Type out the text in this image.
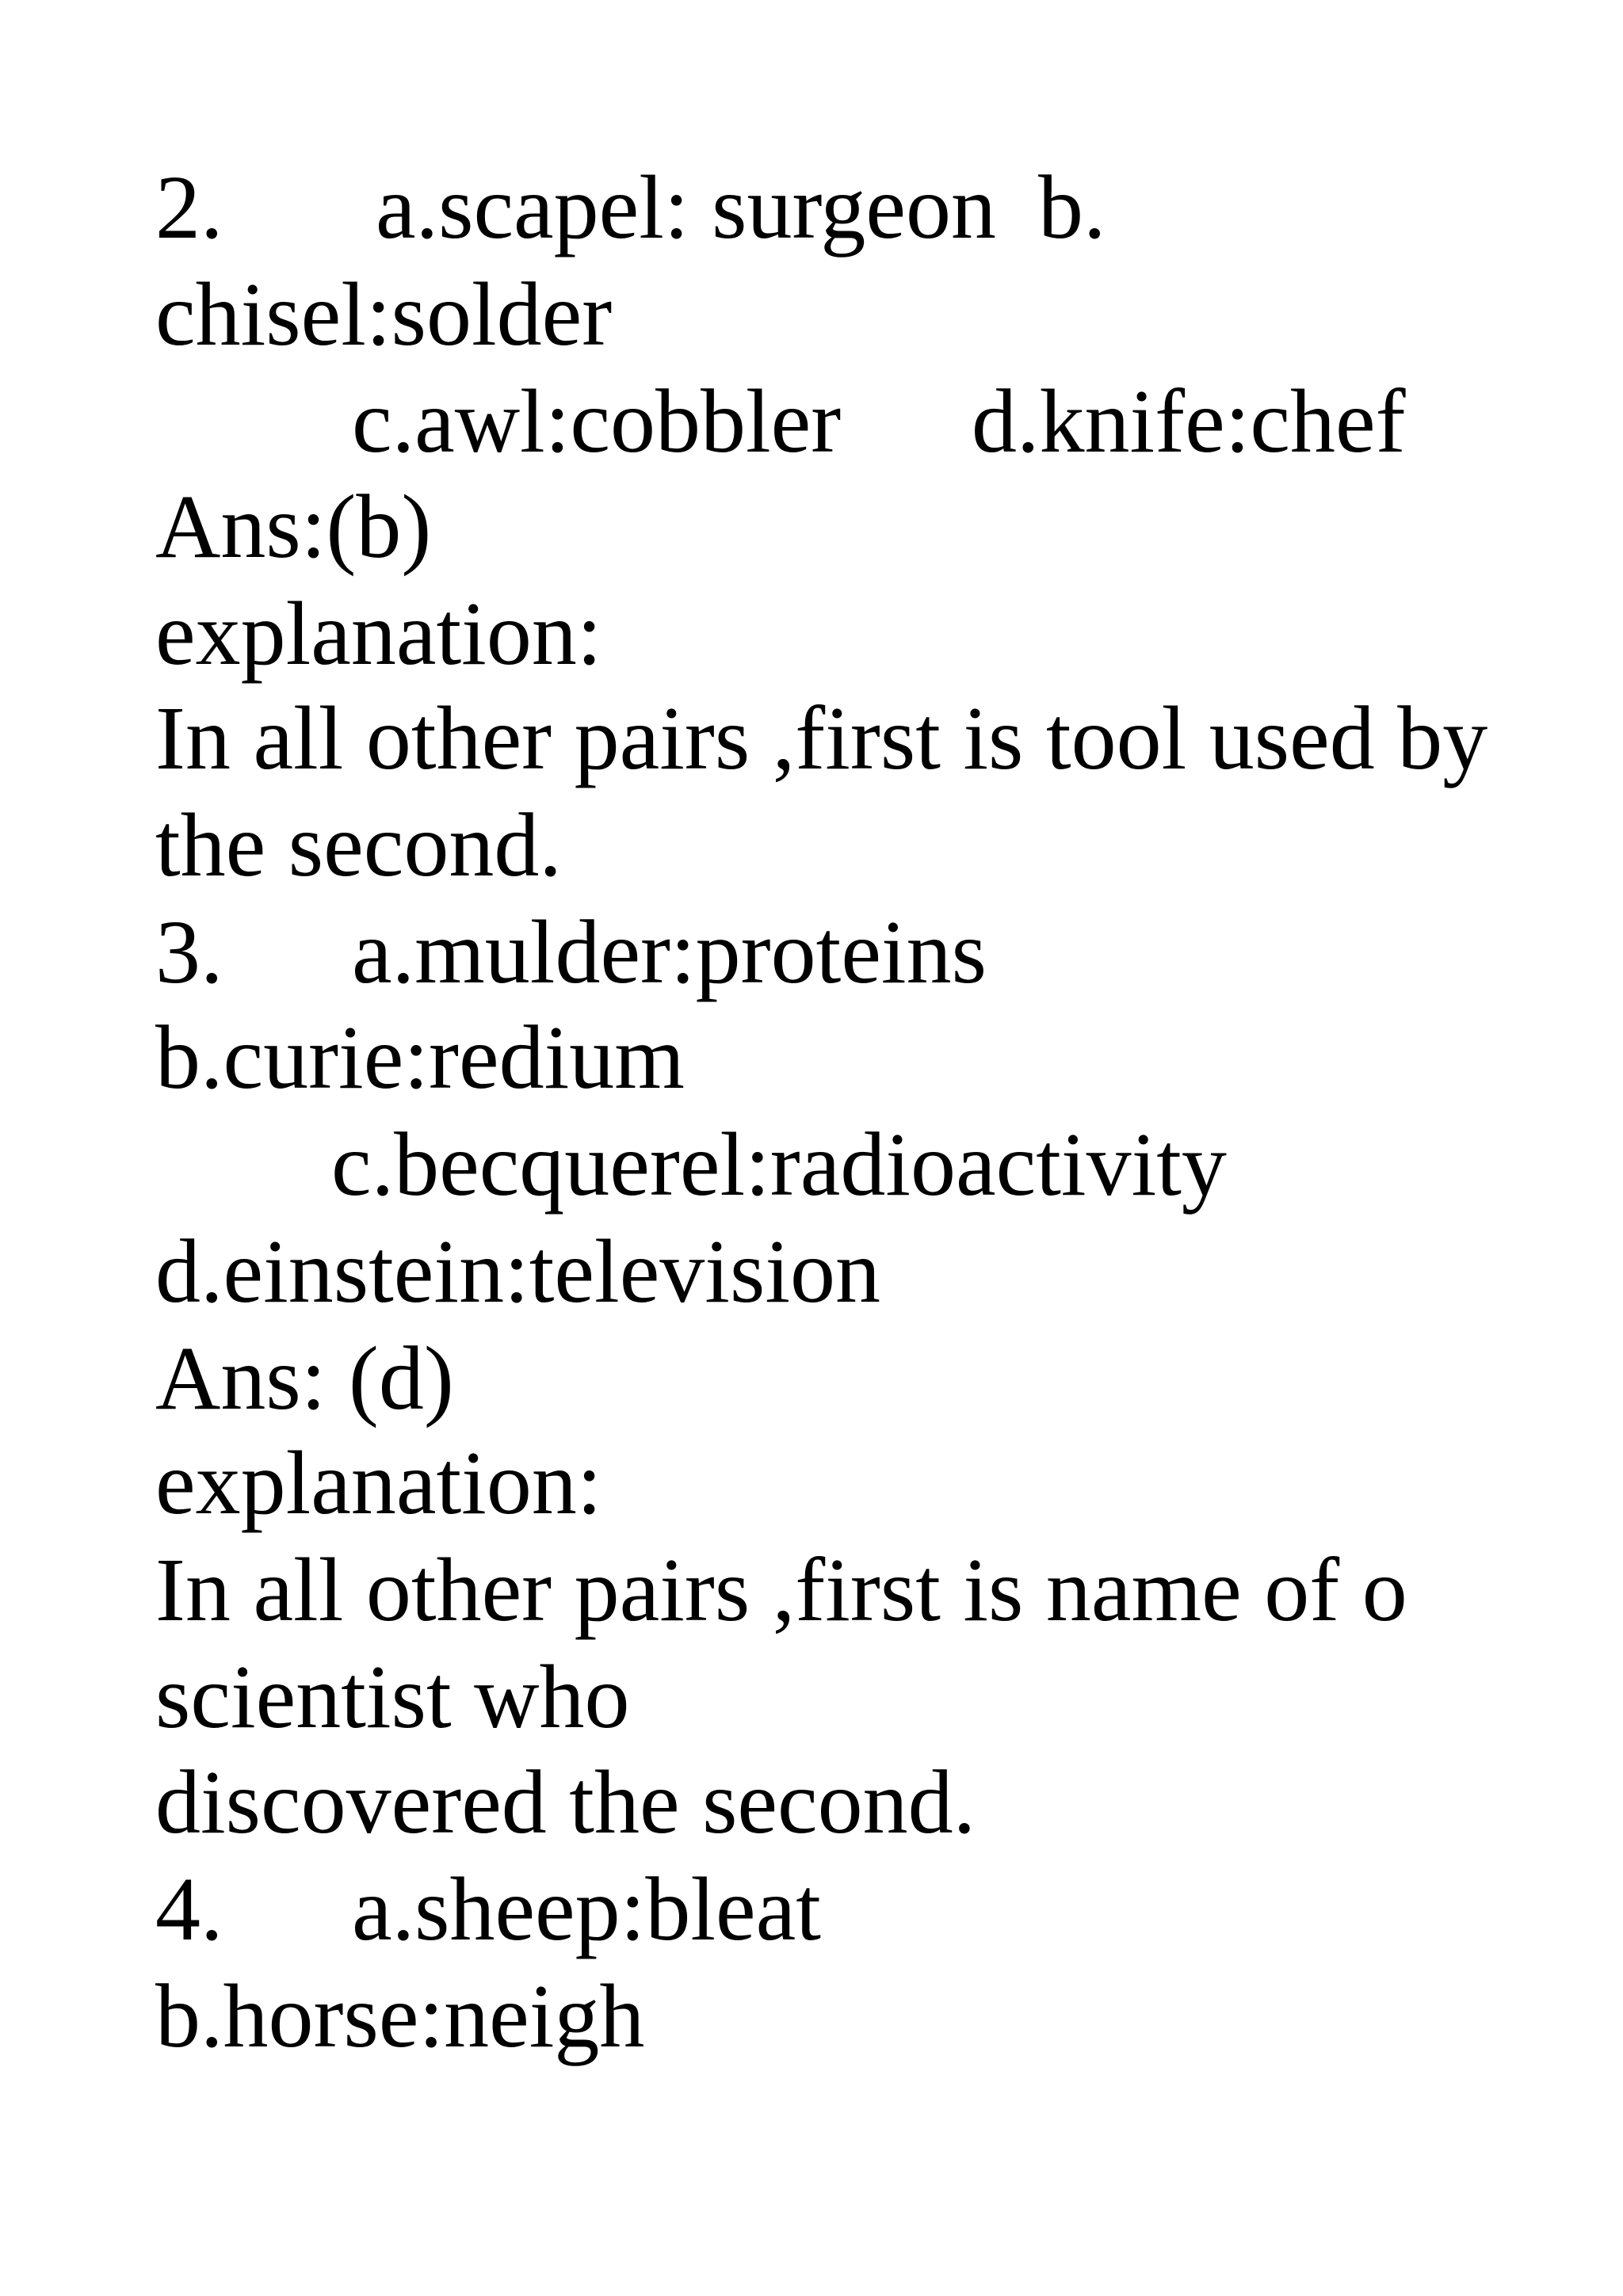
2. a.scapel: surgeon b.
chisel:solder
c.awl:cobbler d.knife:chef
Ans:(b)
explanation:
In all other pairs ,first is tool used by
the second.
3. a.mulder:proteins
b.curie:redium
c.becquerel:radioactivity
d.einstein:television
Ans: (d)
explanation:
In all other pairs ,first is name of o
scientist who
discovered the second.
4. a.sheep:bleat
b.horse:neigh
